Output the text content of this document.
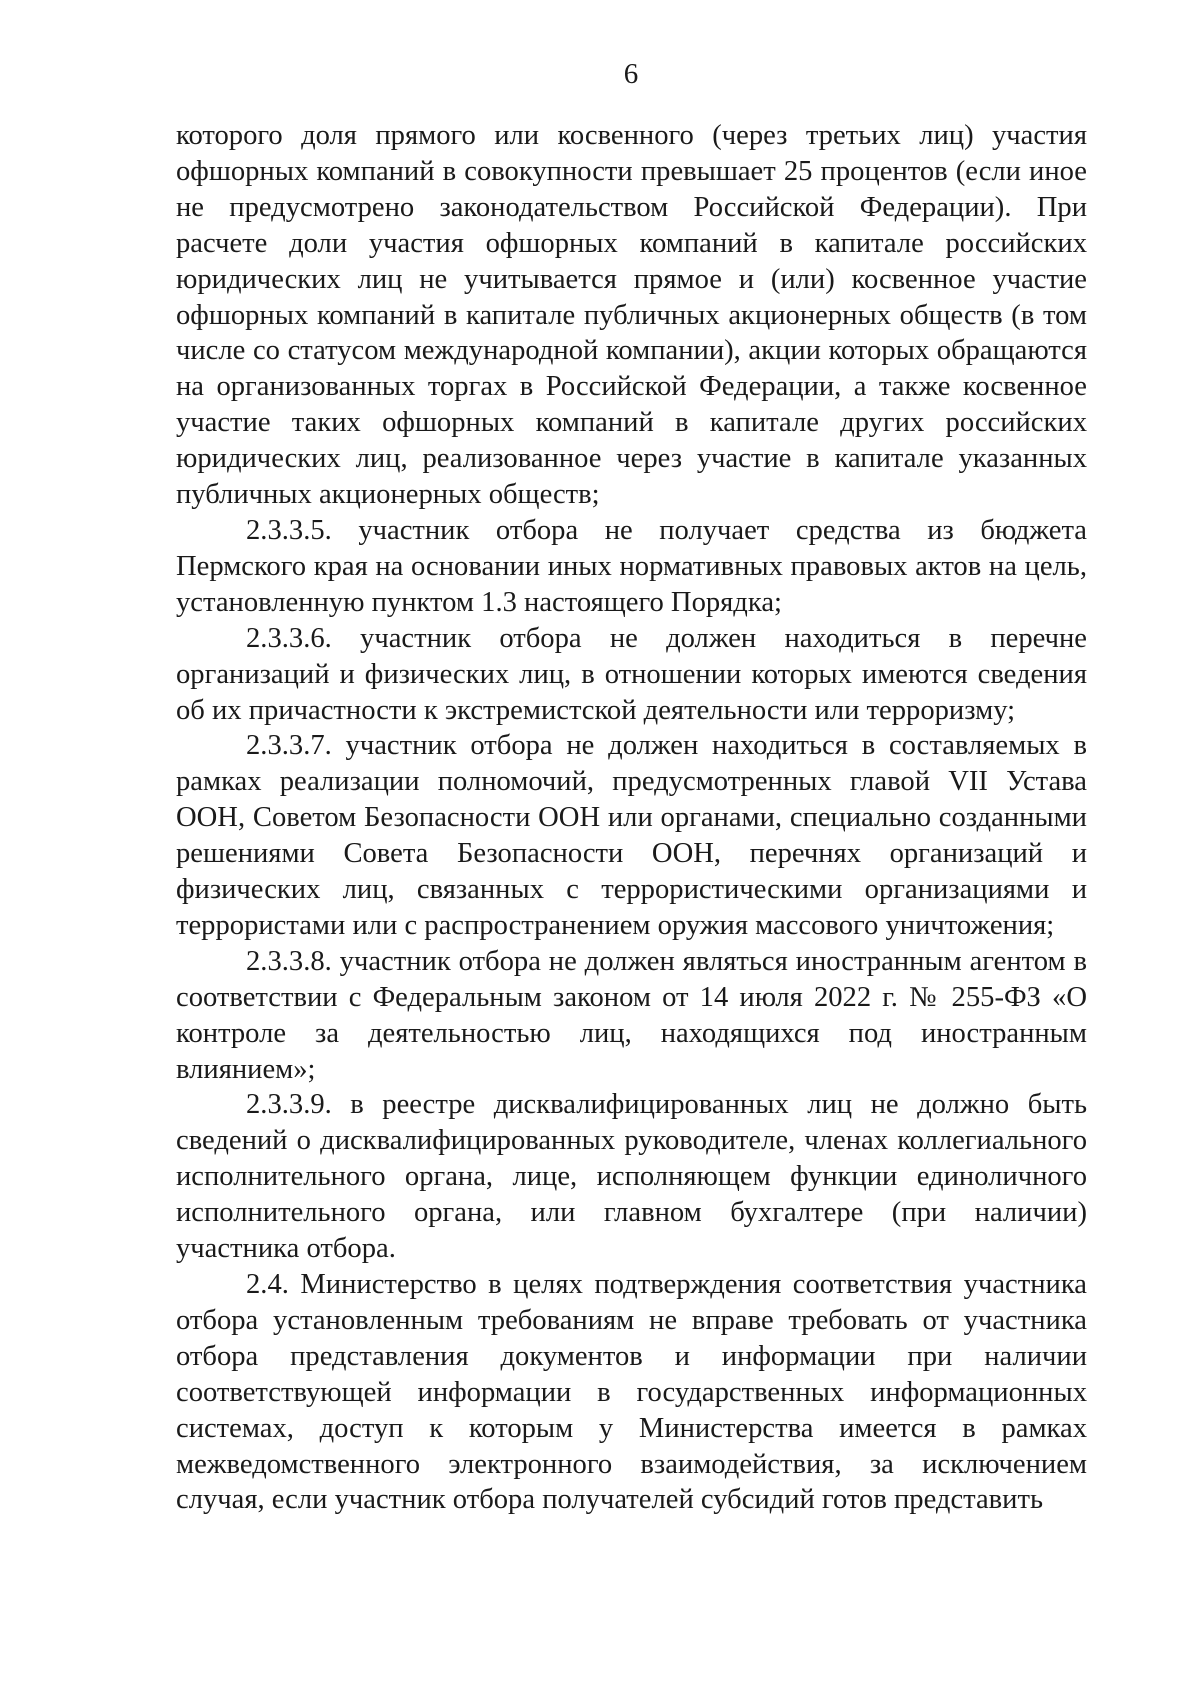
6

которого доля прямого или косвенного (через третьих лиц) участия офшорных компаний в совокупности превышает 25 процентов (если иное не предусмотрено законодательством Российской Федерации). При расчете доли участия офшорных компаний в капитале российских юридических лиц не учитывается прямое и (или) косвенное участие офшорных компаний в капитале публичных акционерных обществ (в том числе со статусом международной компании), акции которых обращаются на организованных торгах в Российской Федерации, а также косвенное участие таких офшорных компаний в капитале других российских юридических лиц, реализованное через участие в капитале указанных публичных акционерных обществ;

2.3.3.5. участник отбора не получает средства из бюджета Пермского края на основании иных нормативных правовых актов на цель, установленную пунктом 1.3 настоящего Порядка;

2.3.3.6. участник отбора не должен находиться в перечне организаций и физических лиц, в отношении которых имеются сведения об их причастности к экстремистской деятельности или терроризму;

2.3.3.7. участник отбора не должен находиться в составляемых в рамках реализации полномочий, предусмотренных главой VII Устава ООН, Советом Безопасности ООН или органами, специально созданными решениями Совета Безопасности ООН, перечнях организаций и физических лиц, связанных с террористическими организациями и террористами или с распространением оружия массового уничтожения;

2.3.3.8. участник отбора не должен являться иностранным агентом в соответствии с Федеральным законом от 14 июля 2022 г. № 255-ФЗ «О контроле за деятельностью лиц, находящихся под иностранным влиянием»;

2.3.3.9. в реестре дисквалифицированных лиц не должно быть сведений о дисквалифицированных руководителе, членах коллегиального исполнительного органа, лице, исполняющем функции единоличного исполнительного органа, или главном бухгалтере (при наличии) участника отбора.

2.4. Министерство в целях подтверждения соответствия участника отбора установленным требованиям не вправе требовать от участника отбора представления документов и информации при наличии соответствующей информации в государственных информационных системах, доступ к которым у Министерства имеется в рамках межведомственного электронного взаимодействия, за исключением случая, если участник отбора получателей субсидий готов представить
